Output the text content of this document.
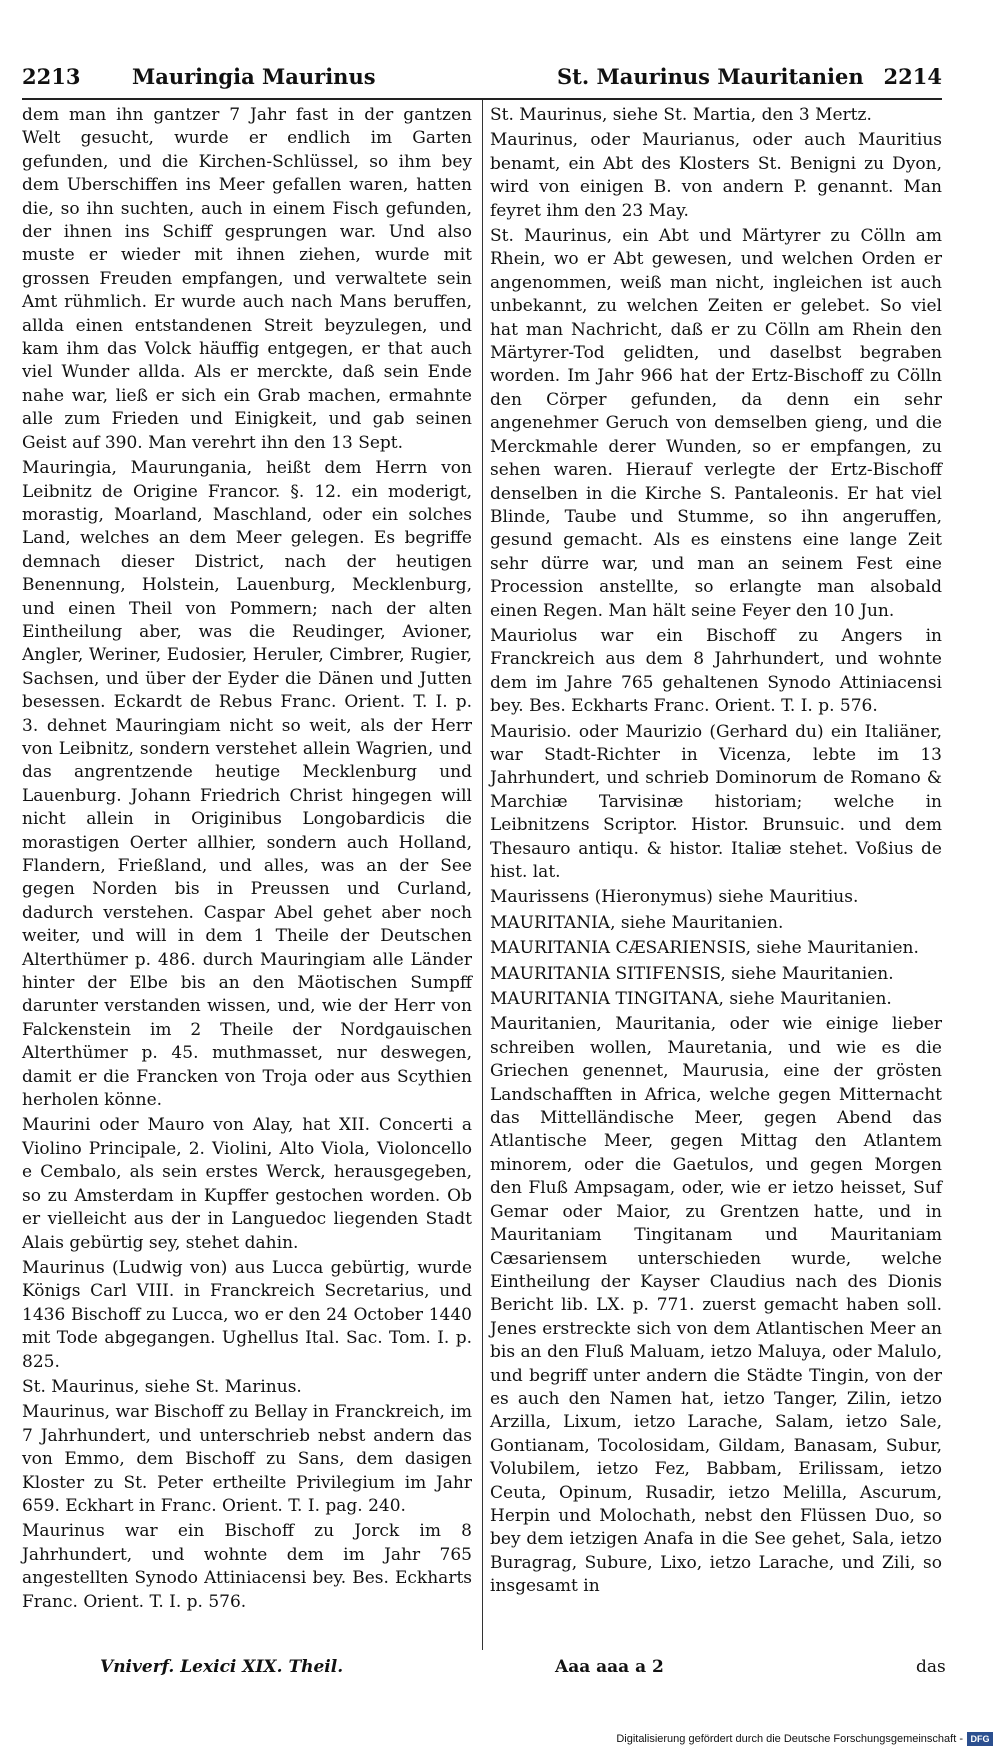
2213 Mauringia Maurinus	St. Maurinus Mauritanien 2214

dem man ihn gantzer 7 Jahr fast in der gantzen Welt gesucht, wurde er endlich im Garten gefunden, und die Kirchen-Schlüssel, so ihm bey dem Uberschiffen ins Meer gefallen waren, hatten die, so ihn suchten, auch in einem Fisch gefunden, der ihnen ins Schiff gesprungen war. Und also muste er wieder mit ihnen ziehen, wurde mit grossen Freuden empfangen, und verwaltete sein Amt rühmlich. Er wurde auch nach Mans beruffen, allda einen entstandenen Streit beyzulegen, und kam ihm das Volck häuffig entgegen, er that auch viel Wunder allda. Als er merckte, daß sein Ende nahe war, ließ er sich ein Grab machen, ermahnte alle zum Frieden und Einigkeit, und gab seinen Geist auf 390. Man verehrt ihn den 13 Sept.

Mauringia, Maurungania, heißt dem Herrn von Leibnitz de Origine Francor. §. 12. ein moderigt, morastig, Moarland, Maschland, oder ein solches Land, welches an dem Meer gelegen. Es begriffe demnach dieser District, nach der heutigen Benennung, Holstein, Lauenburg, Mecklenburg, und einen Theil von Pommern; nach der alten Eintheilung aber, was die Reudinger, Avioner, Angler, Weriner, Eudosier, Heruler, Cimbrer, Rugier, Sachsen, und über der Eyder die Dänen und Jutten besessen. Eckardt de Rebus Franc. Orient. T. I. p. 3. dehnet Mauringiam nicht so weit, als der Herr von Leibnitz, sondern verstehet allein Wagrien, und das angrentzende heutige Mecklenburg und Lauenburg. Johann Friedrich Christ hingegen will nicht allein in Originibus Longobardicis die morastigen Oerter allhier, sondern auch Holland, Flandern, Frießland, und alles, was an der See gegen Norden bis in Preussen und Curland, dadurch verstehen. Caspar Abel gehet aber noch weiter, und will in dem 1 Theile der Deutschen Alterthümer p. 486. durch Mauringiam alle Länder hinter der Elbe bis an den Mäotischen Sumpff darunter verstanden wissen, und, wie der Herr von Falckenstein im 2 Theile der Nordgauischen Alterthümer p. 45. muthmasset, nur deswegen, damit er die Francken von Troja oder aus Scythien herholen könne.

Maurini oder Mauro von Alay, hat XII. Concerti a Violino Principale, 2. Violini, Alto Viola, Violoncello e Cembalo, als sein erstes Werck, herausgegeben, so zu Amsterdam in Kupffer gestochen worden. Ob er vielleicht aus der in Languedoc liegenden Stadt Alais gebürtig sey, stehet dahin.

Maurinus (Ludwig von) aus Lucca gebürtig, wurde Königs Carl VIII. in Franckreich Secretarius, und 1436 Bischoff zu Lucca, wo er den 24 October 1440 mit Tode abgegangen. Ughellus Ital. Sac. Tom. I. p. 825.

St. Maurinus, siehe St. Marinus.

Maurinus, war Bischoff zu Bellay in Franckreich, im 7 Jahrhundert, und unterschrieb nebst andern das von Emmo, dem Bischoff zu Sans, dem dasigen Kloster zu St. Peter ertheilte Privilegium im Jahr 659. Eckhart in Franc. Orient. T. I. pag. 240.

Maurinus war ein Bischoff zu Jorck im 8 Jahrhundert, und wohnte dem im Jahr 765 angestellten Synodo Attiniacensi bey. Bes. Eckharts Franc. Orient. T. I. p. 576.

St. Maurinus, siehe St. Martia, den 3 Mertz.

Maurinus, oder Maurianus, oder auch Mauritius benamt, ein Abt des Klosters St. Benigni zu Dyon, wird von einigen B. von andern P. genannt. Man feyret ihm den 23 May.

St. Maurinus, ein Abt und Märtyrer zu Cölln am Rhein, wo er Abt gewesen, und welchen Orden er angenommen, weiß man nicht, ingleichen ist auch unbekannt, zu welchen Zeiten er gelebet. So viel hat man Nachricht, daß er zu Cölln am Rhein den Märtyrer-Tod gelidten, und daselbst begraben worden. Im Jahr 966 hat der Ertz-Bischoff zu Cölln den Cörper gefunden, da denn ein sehr angenehmer Geruch von demselben gieng, und die Merckmahle derer Wunden, so er empfangen, zu sehen waren. Hierauf verlegte der Ertz-Bischoff denselben in die Kirche S. Pantaleonis. Er hat viel Blinde, Taube und Stumme, so ihn angeruffen, gesund gemacht. Als es einstens eine lange Zeit sehr dürre war, und man an seinem Fest eine Procession anstellte, so erlangte man alsobald einen Regen. Man hält seine Feyer den 10 Jun.

Mauriolus war ein Bischoff zu Angers in Franckreich aus dem 8 Jahrhundert, und wohnte dem im Jahre 765 gehaltenen Synodo Attiniacensi bey. Bes. Eckharts Franc. Orient. T. I. p. 576.

Maurisio. oder Maurizio (Gerhard du) ein Italiäner, war Stadt-Richter in Vicenza, lebte im 13 Jahrhundert, und schrieb Dominorum de Romano & Marchiæ Tarvisinæ historiam; welche in Leibnitzens Scriptor. Histor. Brunsuic. und dem Thesauro antiqu. & histor. Italiæ stehet. Voßius de hist. lat.

Maurissens (Hieronymus) siehe Mauritius.

MAURITANIA, siehe Mauritanien.

MAURITANIA CÆSARIENSIS, siehe Mauritanien.

MAURITANIA SITIFENSIS, siehe Mauritanien.

MAURITANIA TINGITANA, siehe Mauritanien.

Mauritanien, Mauritania, oder wie einige lieber schreiben wollen, Mauretania, und wie es die Griechen genennet, Maurusia, eine der grösten Landschafften in Africa, welche gegen Mitternacht das Mittelländische Meer, gegen Abend das Atlantische Meer, gegen Mittag den Atlantem minorem, oder die Gaetulos, und gegen Morgen den Fluß Ampsagam, oder, wie er ietzo heisset, Suf Gemar oder Maior, zu Grentzen hatte, und in Mauritaniam Tingitanam und Mauritaniam Cæsariensem unterschieden wurde, welche Eintheilung der Kayser Claudius nach des Dionis Bericht lib. LX. p. 771. zuerst gemacht haben soll. Jenes erstreckte sich von dem Atlantischen Meer an bis an den Fluß Maluam, ietzo Maluya, oder Malulo, und begriff unter andern die Städte Tingin, von der es auch den Namen hat, ietzo Tanger, Zilin, ietzo Arzilla, Lixum, ietzo Larache, Salam, ietzo Sale, Gontianam, Tocolosidam, Gildam, Banasam, Subur, Volubilem, ietzo Fez, Babbam, Erilissam, ietzo Ceuta, Opinum, Rusadir, ietzo Melilla, Ascurum, Herpin und Molochath, nebst den Flüssen Duo, so bey dem ietzigen Anafa in die See gehet, Sala, ietzo Buragrag, Subure, Lixo, ietzo Larache, und Zili, so insgesamt in

Vniverf. Lexici XIX. Theil.	Aaa aaa a 2	das
Digitalisierung gefördert durch die Deutsche Forschungsgemeinschaft - DFG
